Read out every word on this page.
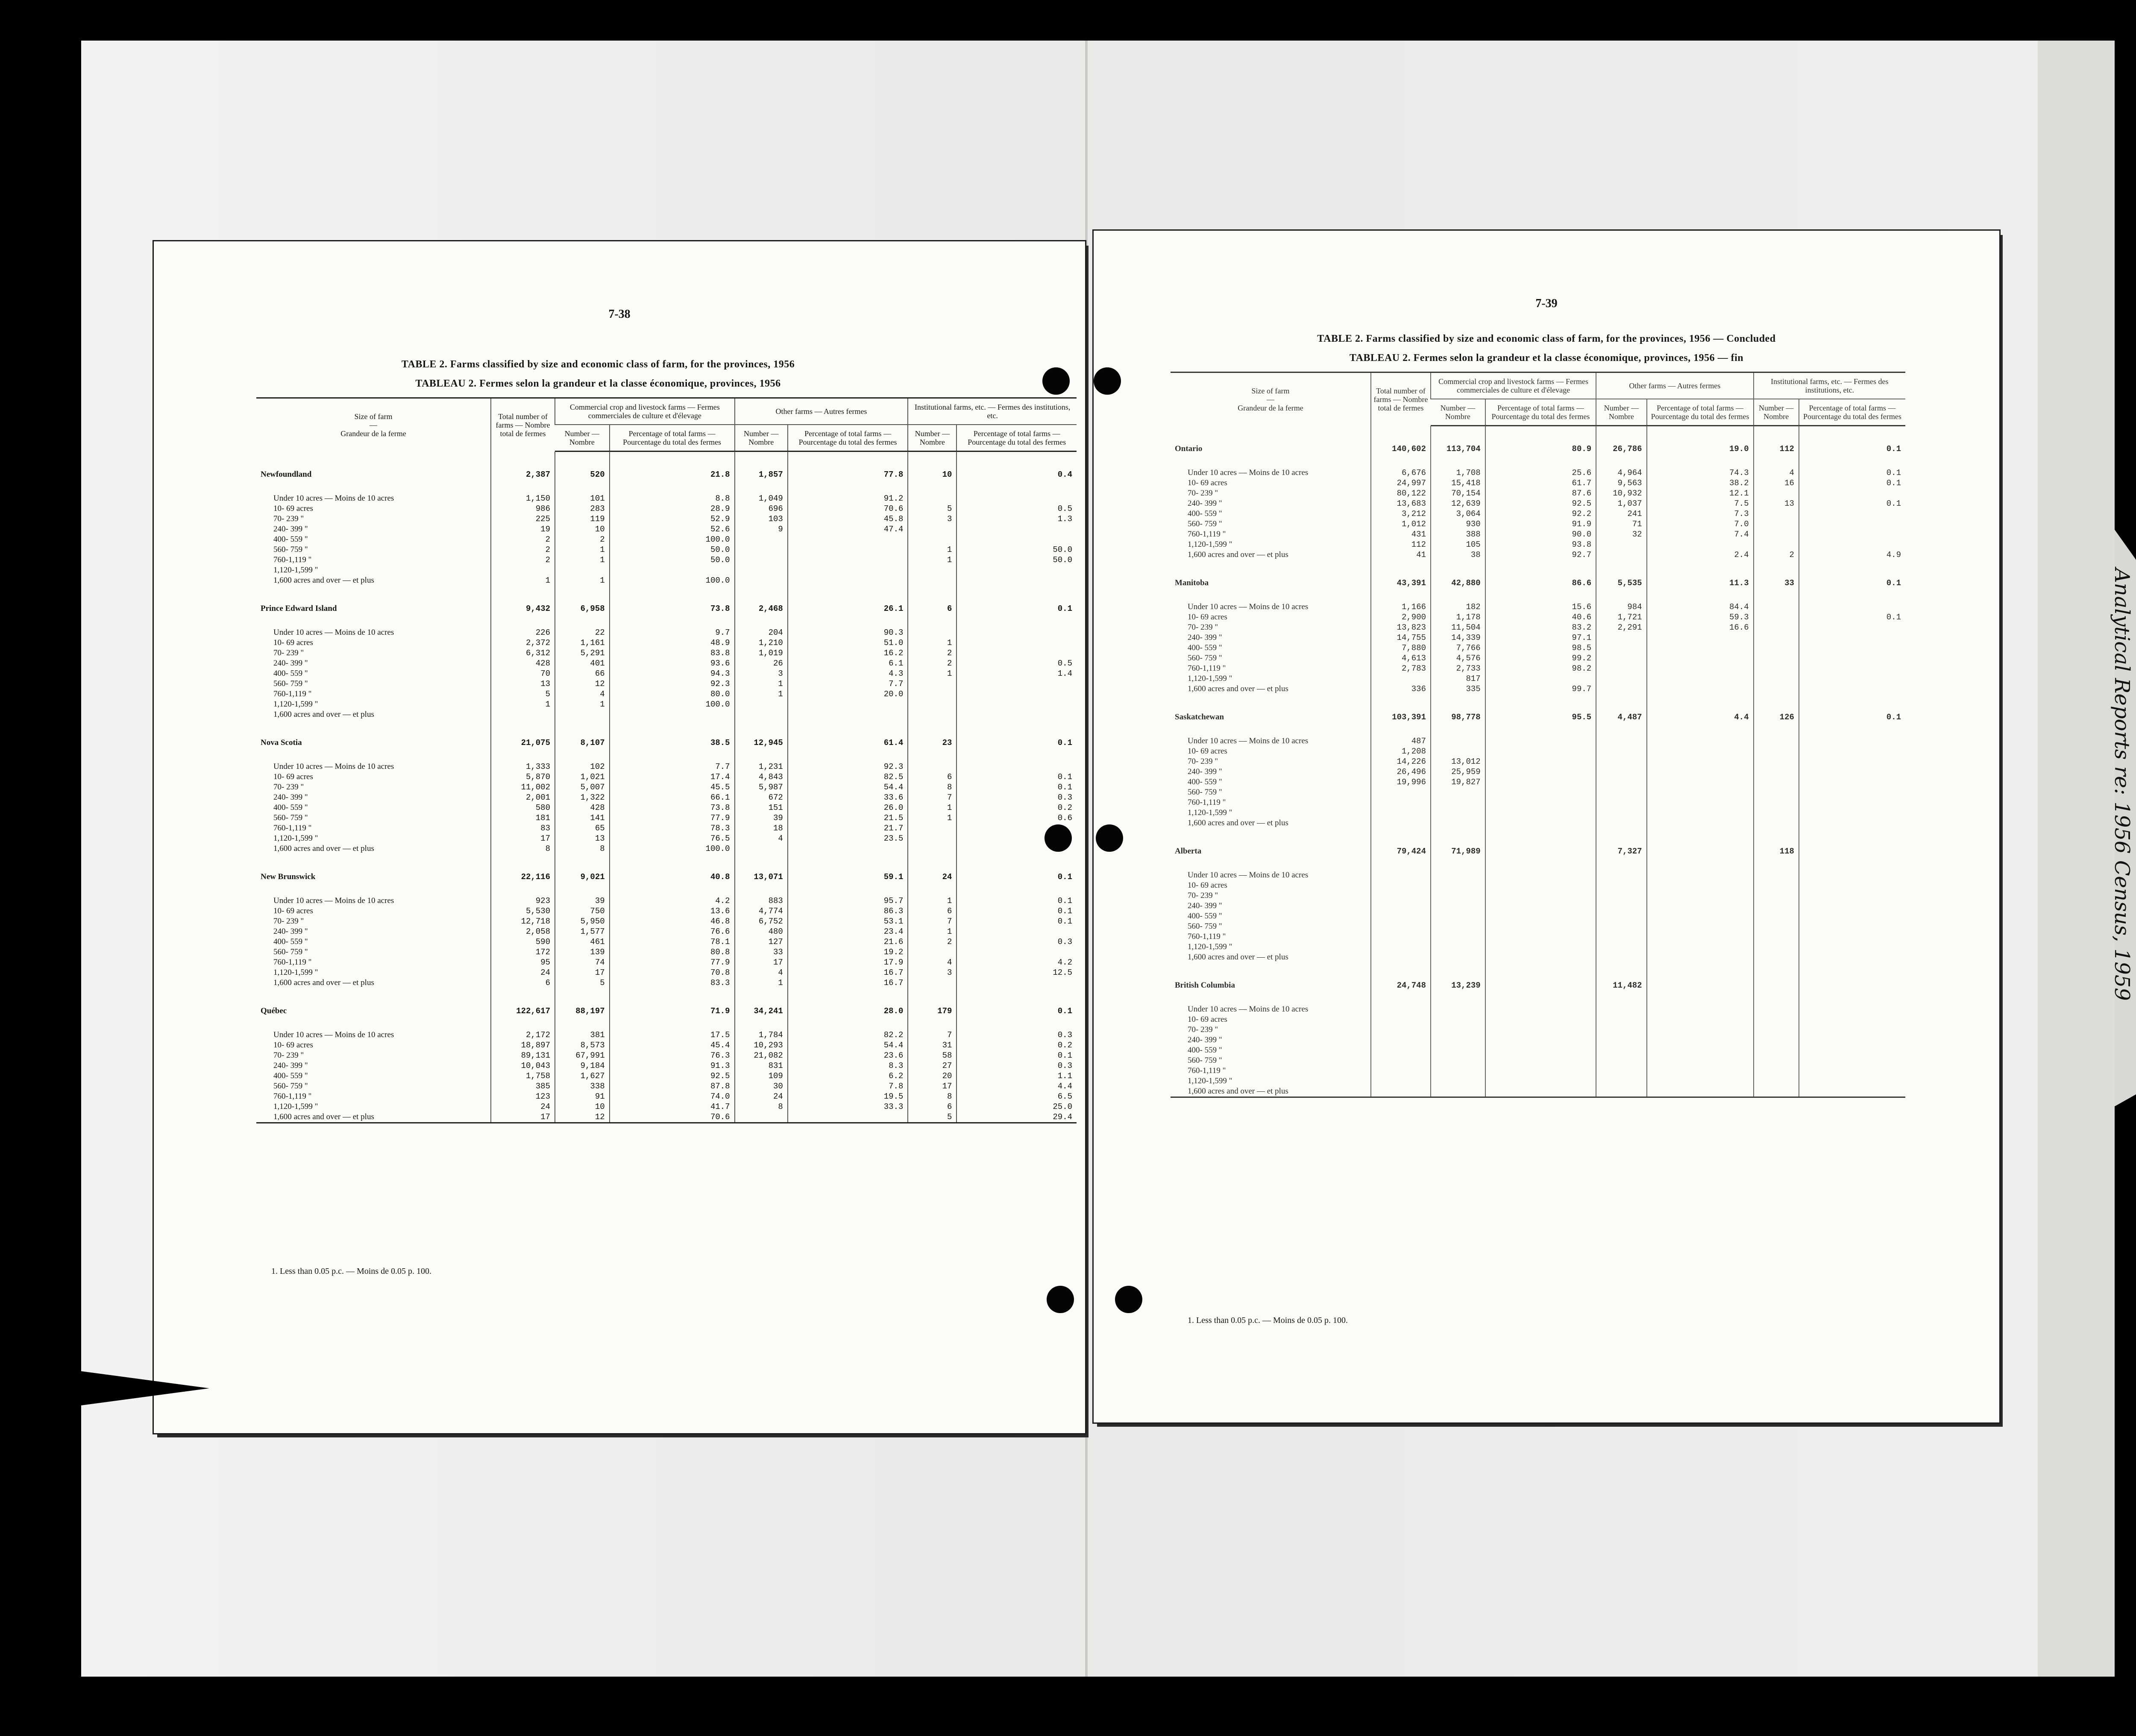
7-38
TABLE 2. Farms classified by size and economic class of farm, for the provinces, 1956
TABLEAU 2. Fermes selon la grandeur et la classe économique, provinces, 1956
Size of farm
—
Grandeur de la ferme	Total number of farms — Nombre total de fermes	Commercial crop and livestock farms — Fermes commerciales de culture et d'élevage		Other farms — Autres fermes		Institutional farms, etc. — Fermes des institutions, etc.	
		Number — Nombre	Percentage of total farms — Pourcentage du total des fermes	Number — Nombre	Percentage of total farms — Pourcentage du total des fermes	Number — Nombre	Percentage of total farms — Pourcentage du total des fermes

Newfoundland	2,387	520	21.8	1,857	77.8	10	0.4

Under 10 acres — Moins de 10 acres	1,150	101	8.8	1,049	91.2		
10- 69 acres	986	283	28.9	696	70.6	5	0.5
70- 239 "	225	119	52.9	103	45.8	3	1.3
240- 399 "	19	10	52.6	9	47.4		
400- 559 "	2	2	100.0				
560- 759 "	2	1	50.0			1	50.0
760-1,119 "	2	1	50.0			1	50.0
1,120-1,599 "							
1,600 acres and over — et plus	1	1	100.0				
Prince Edward Island	9,432	6,958	73.8	2,468	26.1	6	0.1

Under 10 acres — Moins de 10 acres	226	22	9.7	204	90.3		
10- 69 acres	2,372	1,161	48.9	1,210	51.0	1	
70- 239 "	6,312	5,291	83.8	1,019	16.2	2	
240- 399 "	428	401	93.6	26	6.1	2	0.5
400- 559 "	70	66	94.3	3	4.3	1	1.4
560- 759 "	13	12	92.3	1	7.7		
760-1,119 "	5	4	80.0	1	20.0		
1,120-1,599 "	1	1	100.0				
1,600 acres and over — et plus							
Nova Scotia	21,075	8,107	38.5	12,945	61.4	23	0.1

Under 10 acres — Moins de 10 acres	1,333	102	7.7	1,231	92.3		
10- 69 acres	5,870	1,021	17.4	4,843	82.5	6	0.1
70- 239 "	11,002	5,007	45.5	5,987	54.4	8	0.1
240- 399 "	2,001	1,322	66.1	672	33.6	7	0.3
400- 559 "	580	428	73.8	151	26.0	1	0.2
560- 759 "	181	141	77.9	39	21.5	1	0.6
760-1,119 "	83	65	78.3	18	21.7		
1,120-1,599 "	17	13	76.5	4	23.5		
1,600 acres and over — et plus	8	8	100.0				
New Brunswick	22,116	9,021	40.8	13,071	59.1	24	0.1

Under 10 acres — Moins de 10 acres	923	39	4.2	883	95.7	1	0.1
10- 69 acres	5,530	750	13.6	4,774	86.3	6	0.1
70- 239 "	12,718	5,950	46.8	6,752	53.1	7	0.1
240- 399 "	2,058	1,577	76.6	480	23.4	1	
400- 559 "	590	461	78.1	127	21.6	2	0.3
560- 759 "	172	139	80.8	33	19.2		
760-1,119 "	95	74	77.9	17	17.9	4	4.2
1,120-1,599 "	24	17	70.8	4	16.7	3	12.5
1,600 acres and over — et plus	6	5	83.3	1	16.7		
Québec	122,617	88,197	71.9	34,241	28.0	179	0.1

Under 10 acres — Moins de 10 acres	2,172	381	17.5	1,784	82.2	7	0.3
10- 69 acres	18,897	8,573	45.4	10,293	54.4	31	0.2
70- 239 "	89,131	67,991	76.3	21,082	23.6	58	0.1
240- 399 "	10,043	9,184	91.3	831	8.3	27	0.3
400- 559 "	1,758	1,627	92.5	109	6.2	20	1.1
560- 759 "	385	338	87.8	30	7.8	17	4.4
760-1,119 "	123	91	74.0	24	19.5	8	6.5
1,120-1,599 "	24	10	41.7	8	33.3	6	25.0
1,600 acres and over — et plus	17	12	70.6			5	29.4
1. Less than 0.05 p.c. — Moins de 0.05 p. 100.
7-39
TABLE 2. Farms classified by size and economic class of farm, for the provinces, 1956 — Concluded
TABLEAU 2. Fermes selon la grandeur et la classe économique, provinces, 1956 — fin
Size of farm
—
Grandeur de la ferme	Total number of farms — Nombre total de fermes	Commercial crop and livestock farms — Fermes commerciales de culture et d'élevage		Other farms — Autres fermes		Institutional farms, etc. — Fermes des institutions, etc.	
		Number — Nombre	Percentage of total farms — Pourcentage du total des fermes	Number — Nombre	Percentage of total farms — Pourcentage du total des fermes	Number — Nombre	Percentage of total farms — Pourcentage du total des fermes

Ontario	140,602	113,704	80.9	26,786	19.0	112	0.1

Under 10 acres — Moins de 10 acres	6,676	1,708	25.6	4,964	74.3	4	0.1
10- 69 acres	24,997	15,418	61.7	9,563	38.2	16	0.1
70- 239 "	80,122	70,154	87.6	10,932	12.1		
240- 399 "	13,683	12,639	92.5	1,037	7.5	13	0.1
400- 559 "	3,212	3,064	92.2	241	7.3		
560- 759 "	1,012	930	91.9	71	7.0		
760-1,119 "	431	388	90.0	32	7.4		
1,120-1,599 "	112	105	93.8				
1,600 acres and over — et plus	41	38	92.7		2.4	2	4.9
Manitoba	43,391	42,880	86.6	5,535	11.3	33	0.1

Under 10 acres — Moins de 10 acres	1,166	182	15.6	984	84.4		
10- 69 acres	2,900	1,178	40.6	1,721	59.3		0.1
70- 239 "	13,823	11,504	83.2	2,291	16.6		
240- 399 "	14,755	14,339	97.1				
400- 559 "	7,880	7,766	98.5				
560- 759 "	4,613	4,576	99.2				
760-1,119 "	2,783	2,733	98.2				
1,120-1,599 "		817					
1,600 acres and over — et plus	336	335	99.7				
Saskatchewan	103,391	98,778	95.5	4,487	4.4	126	0.1

Under 10 acres — Moins de 10 acres	487						
10- 69 acres	1,208						
70- 239 "	14,226	13,012					
240- 399 "	26,496	25,959					
400- 559 "	19,996	19,827					
560- 759 "							
760-1,119 "							
1,120-1,599 "							
1,600 acres and over — et plus							
Alberta	79,424	71,989		7,327		118	

Under 10 acres — Moins de 10 acres							
10- 69 acres							
70- 239 "							
240- 399 "							
400- 559 "							
560- 759 "							
760-1,119 "							
1,120-1,599 "							
1,600 acres and over — et plus							
British Columbia	24,748	13,239		11,482			

Under 10 acres — Moins de 10 acres							
10- 69 acres							
70- 239 "							
240- 399 "							
400- 559 "							
560- 759 "							
760-1,119 "							
1,120-1,599 "							
1,600 acres and over — et plus							
1. Less than 0.05 p.c. — Moins de 0.05 p. 100.
Analytical Reports re: 1956 Census, 1959
